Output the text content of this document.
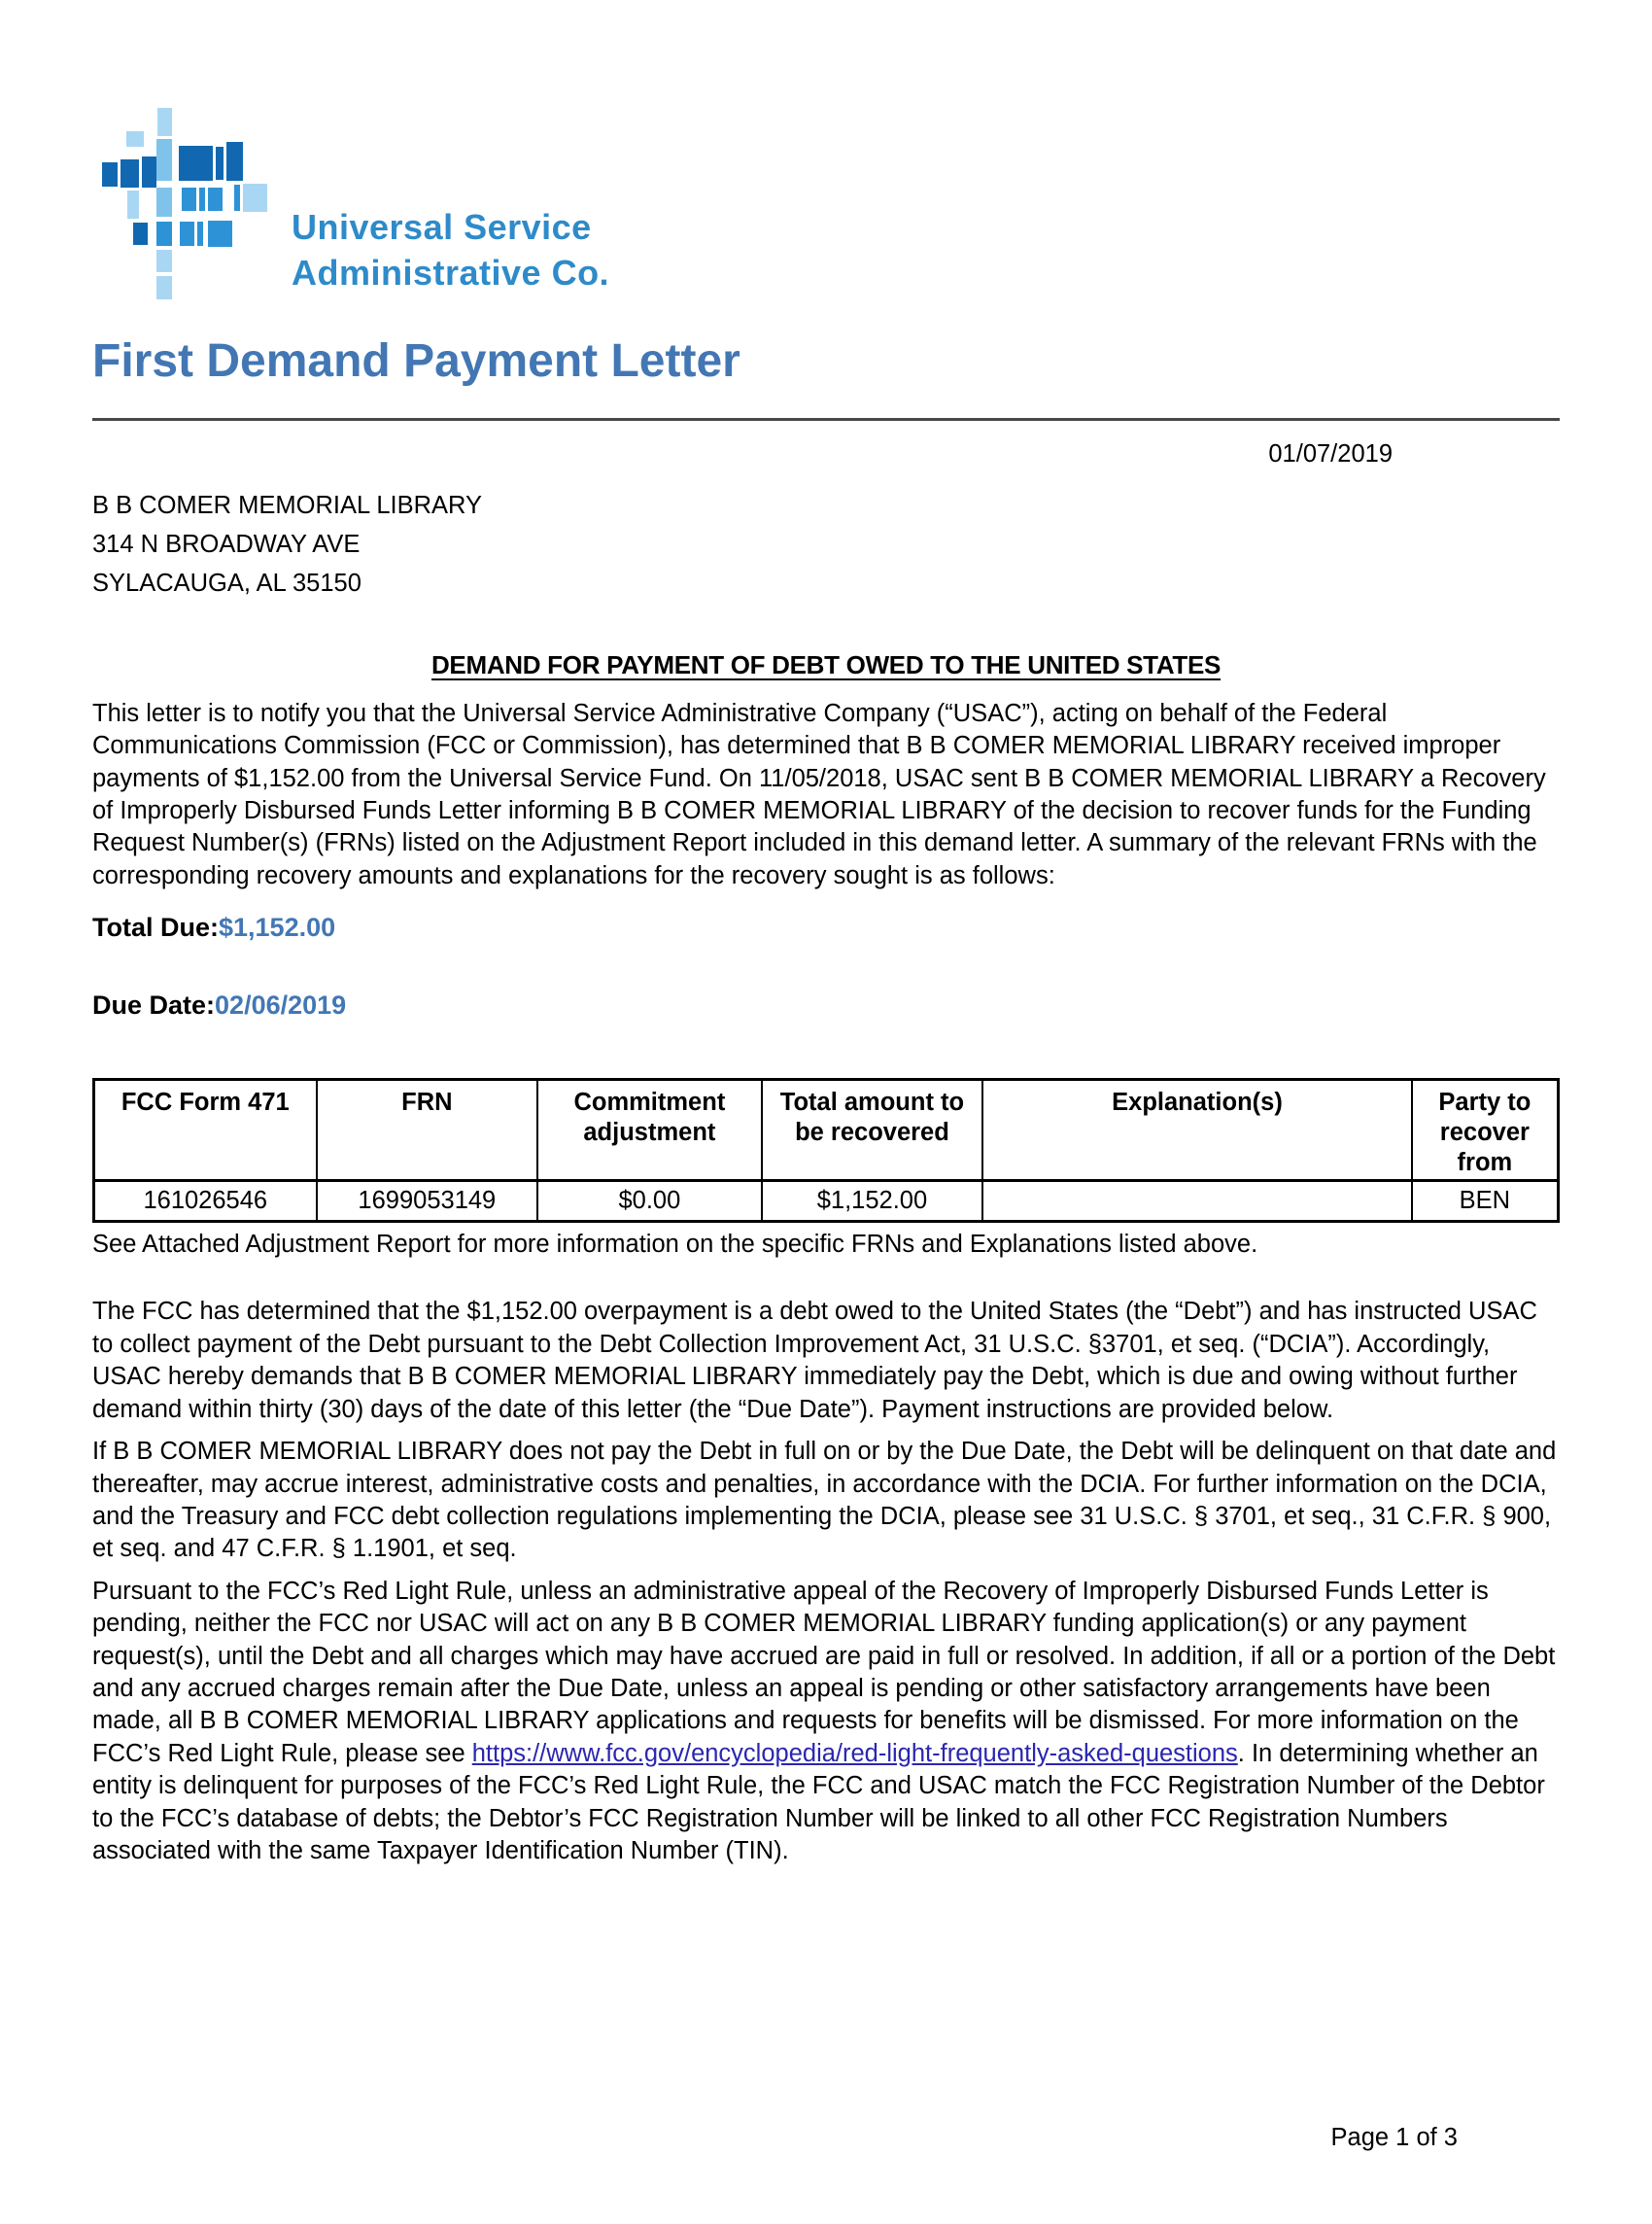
Universal Service
Administrative Co.
First Demand Payment Letter
01/07/2019
B B COMER MEMORIAL LIBRARY
314 N BROADWAY AVE
SYLACAUGA, AL 35150
DEMAND FOR PAYMENT OF DEBT OWED TO THE UNITED STATES

This letter is to notify you that the Universal Service Administrative Company (“USAC”), acting on behalf of the Federal Communications Commission (FCC or Commission), has determined that B B COMER MEMORIAL LIBRARY received improper payments of $1,152.00 from the Universal Service Fund. On 11/05/2018, USAC sent B B COMER MEMORIAL LIBRARY a Recovery of Improperly Disbursed Funds Letter informing B B COMER MEMORIAL LIBRARY of the decision to recover funds for the Funding Request Number(s) (FRNs) listed on the Adjustment Report included in this demand letter. A summary of the relevant FRNs with the corresponding recovery amounts and explanations for the recovery sought is as follows:

Total Due:$1,152.00
Due Date:02/06/2019
FCC Form 471	FRN	Commitment adjustment	Total amount to be recovered	Explanation(s)	Party to recover from
161026546	1699053149	$0.00	$1,152.00		BEN
See Attached Adjustment Report for more information on the specific FRNs and Explanations listed above.

The FCC has determined that the $1,152.00 overpayment is a debt owed to the United States (the “Debt”) and has instructed USAC to collect payment of the Debt pursuant to the Debt Collection Improvement Act, 31 U.S.C. §3701, et seq. (“DCIA”). Accordingly, USAC hereby demands that B B COMER MEMORIAL LIBRARY immediately pay the Debt, which is due and owing without further demand within thirty (30) days of the date of this letter (the “Due Date”). Payment instructions are provided below.

If B B COMER MEMORIAL LIBRARY does not pay the Debt in full on or by the Due Date, the Debt will be delinquent on that date and thereafter, may accrue interest, administrative costs and penalties, in accordance with the DCIA. For further information on the DCIA, and the Treasury and FCC debt collection regulations implementing the DCIA, please see 31 U.S.C. § 3701, et seq., 31 C.F.R. § 900, et seq. and 47 C.F.R. § 1.1901, et seq.

Pursuant to the FCC’s Red Light Rule, unless an administrative appeal of the Recovery of Improperly Disbursed Funds Letter is pending, neither the FCC nor USAC will act on any B B COMER MEMORIAL LIBRARY funding application(s) or any payment request(s), until the Debt and all charges which may have accrued are paid in full or resolved. In addition, if all or a portion of the Debt and any accrued charges remain after the Due Date, unless an appeal is pending or other satisfactory arrangements have been made, all B B COMER MEMORIAL LIBRARY applications and requests for benefits will be dismissed. For more information on the FCC’s Red Light Rule, please see https://www.fcc.gov/encyclopedia/red-light-frequently-asked-questions. In determining whether an entity is delinquent for purposes of the FCC’s Red Light Rule, the FCC and USAC match the FCC Registration Number of the Debtor to the FCC’s database of debts; the Debtor’s FCC Registration Number will be linked to all other FCC Registration Numbers associated with the same Taxpayer Identification Number (TIN).

Page 1 of 3
